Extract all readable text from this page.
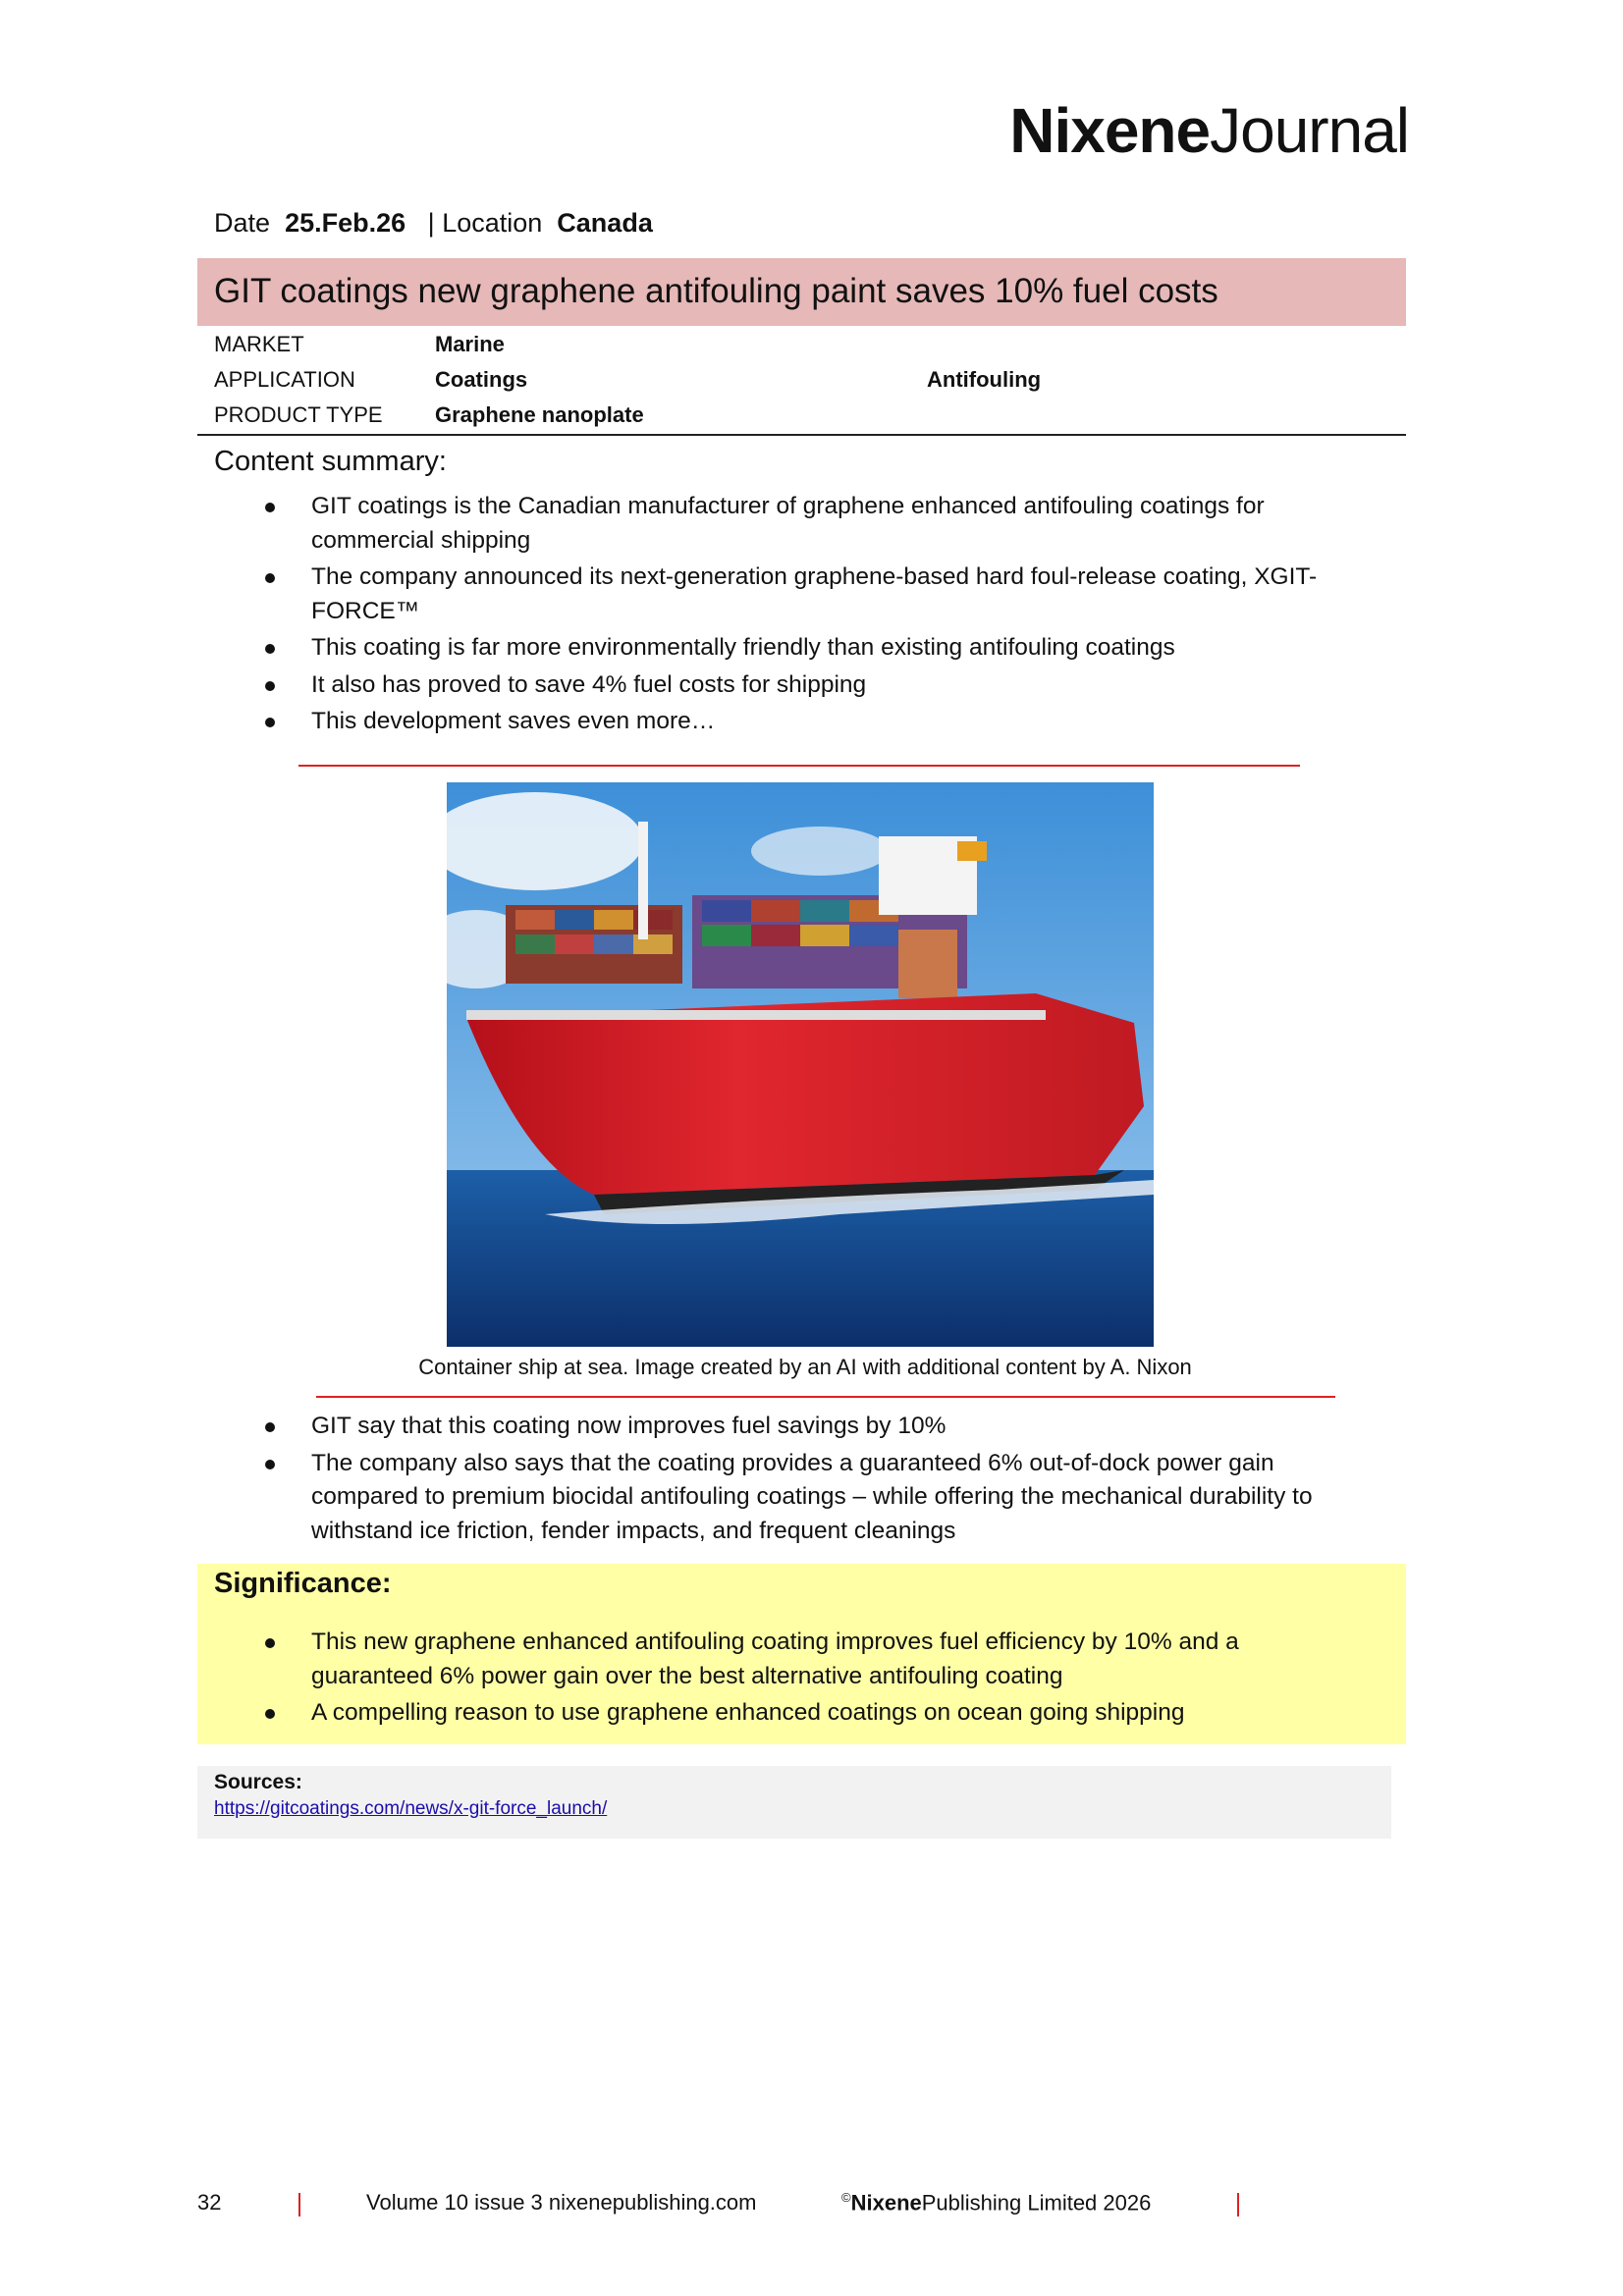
NixeneJournal
Date 25.Feb.26 | Location Canada
GIT coatings new graphene antifouling paint saves 10% fuel costs
MARKET	Marine
APPLICATION	Coatings	Antifouling
PRODUCT TYPE Graphene nanoplate
Content summary:
GIT coatings is the Canadian manufacturer of graphene enhanced antifouling coatings for commercial shipping
The company announced its next-generation graphene-based hard foul-release coating, XGIT-FORCE™
This coating is far more environmentally friendly than existing antifouling coatings
It also has proved to save 4% fuel costs for shipping
This development saves even more…
Container ship at sea. Image created by an AI with additional content by A. Nixon
GIT say that this coating now improves fuel savings by 10%
The company also says that the coating provides a guaranteed 6% out-of-dock power gain compared to premium biocidal antifouling coatings – while offering the mechanical durability to withstand ice friction, fender impacts, and frequent cleanings
Significance:
This new graphene enhanced antifouling coating improves fuel efficiency by 10% and a guaranteed 6% power gain over the best alternative antifouling coating
A compelling reason to use graphene enhanced coatings on ocean going shipping
Sources:
https://gitcoatings.com/news/x-git-force_launch/
32	Volume 10 issue 3 nixenepublishing.com	©NixenePublishing Limited 2026
